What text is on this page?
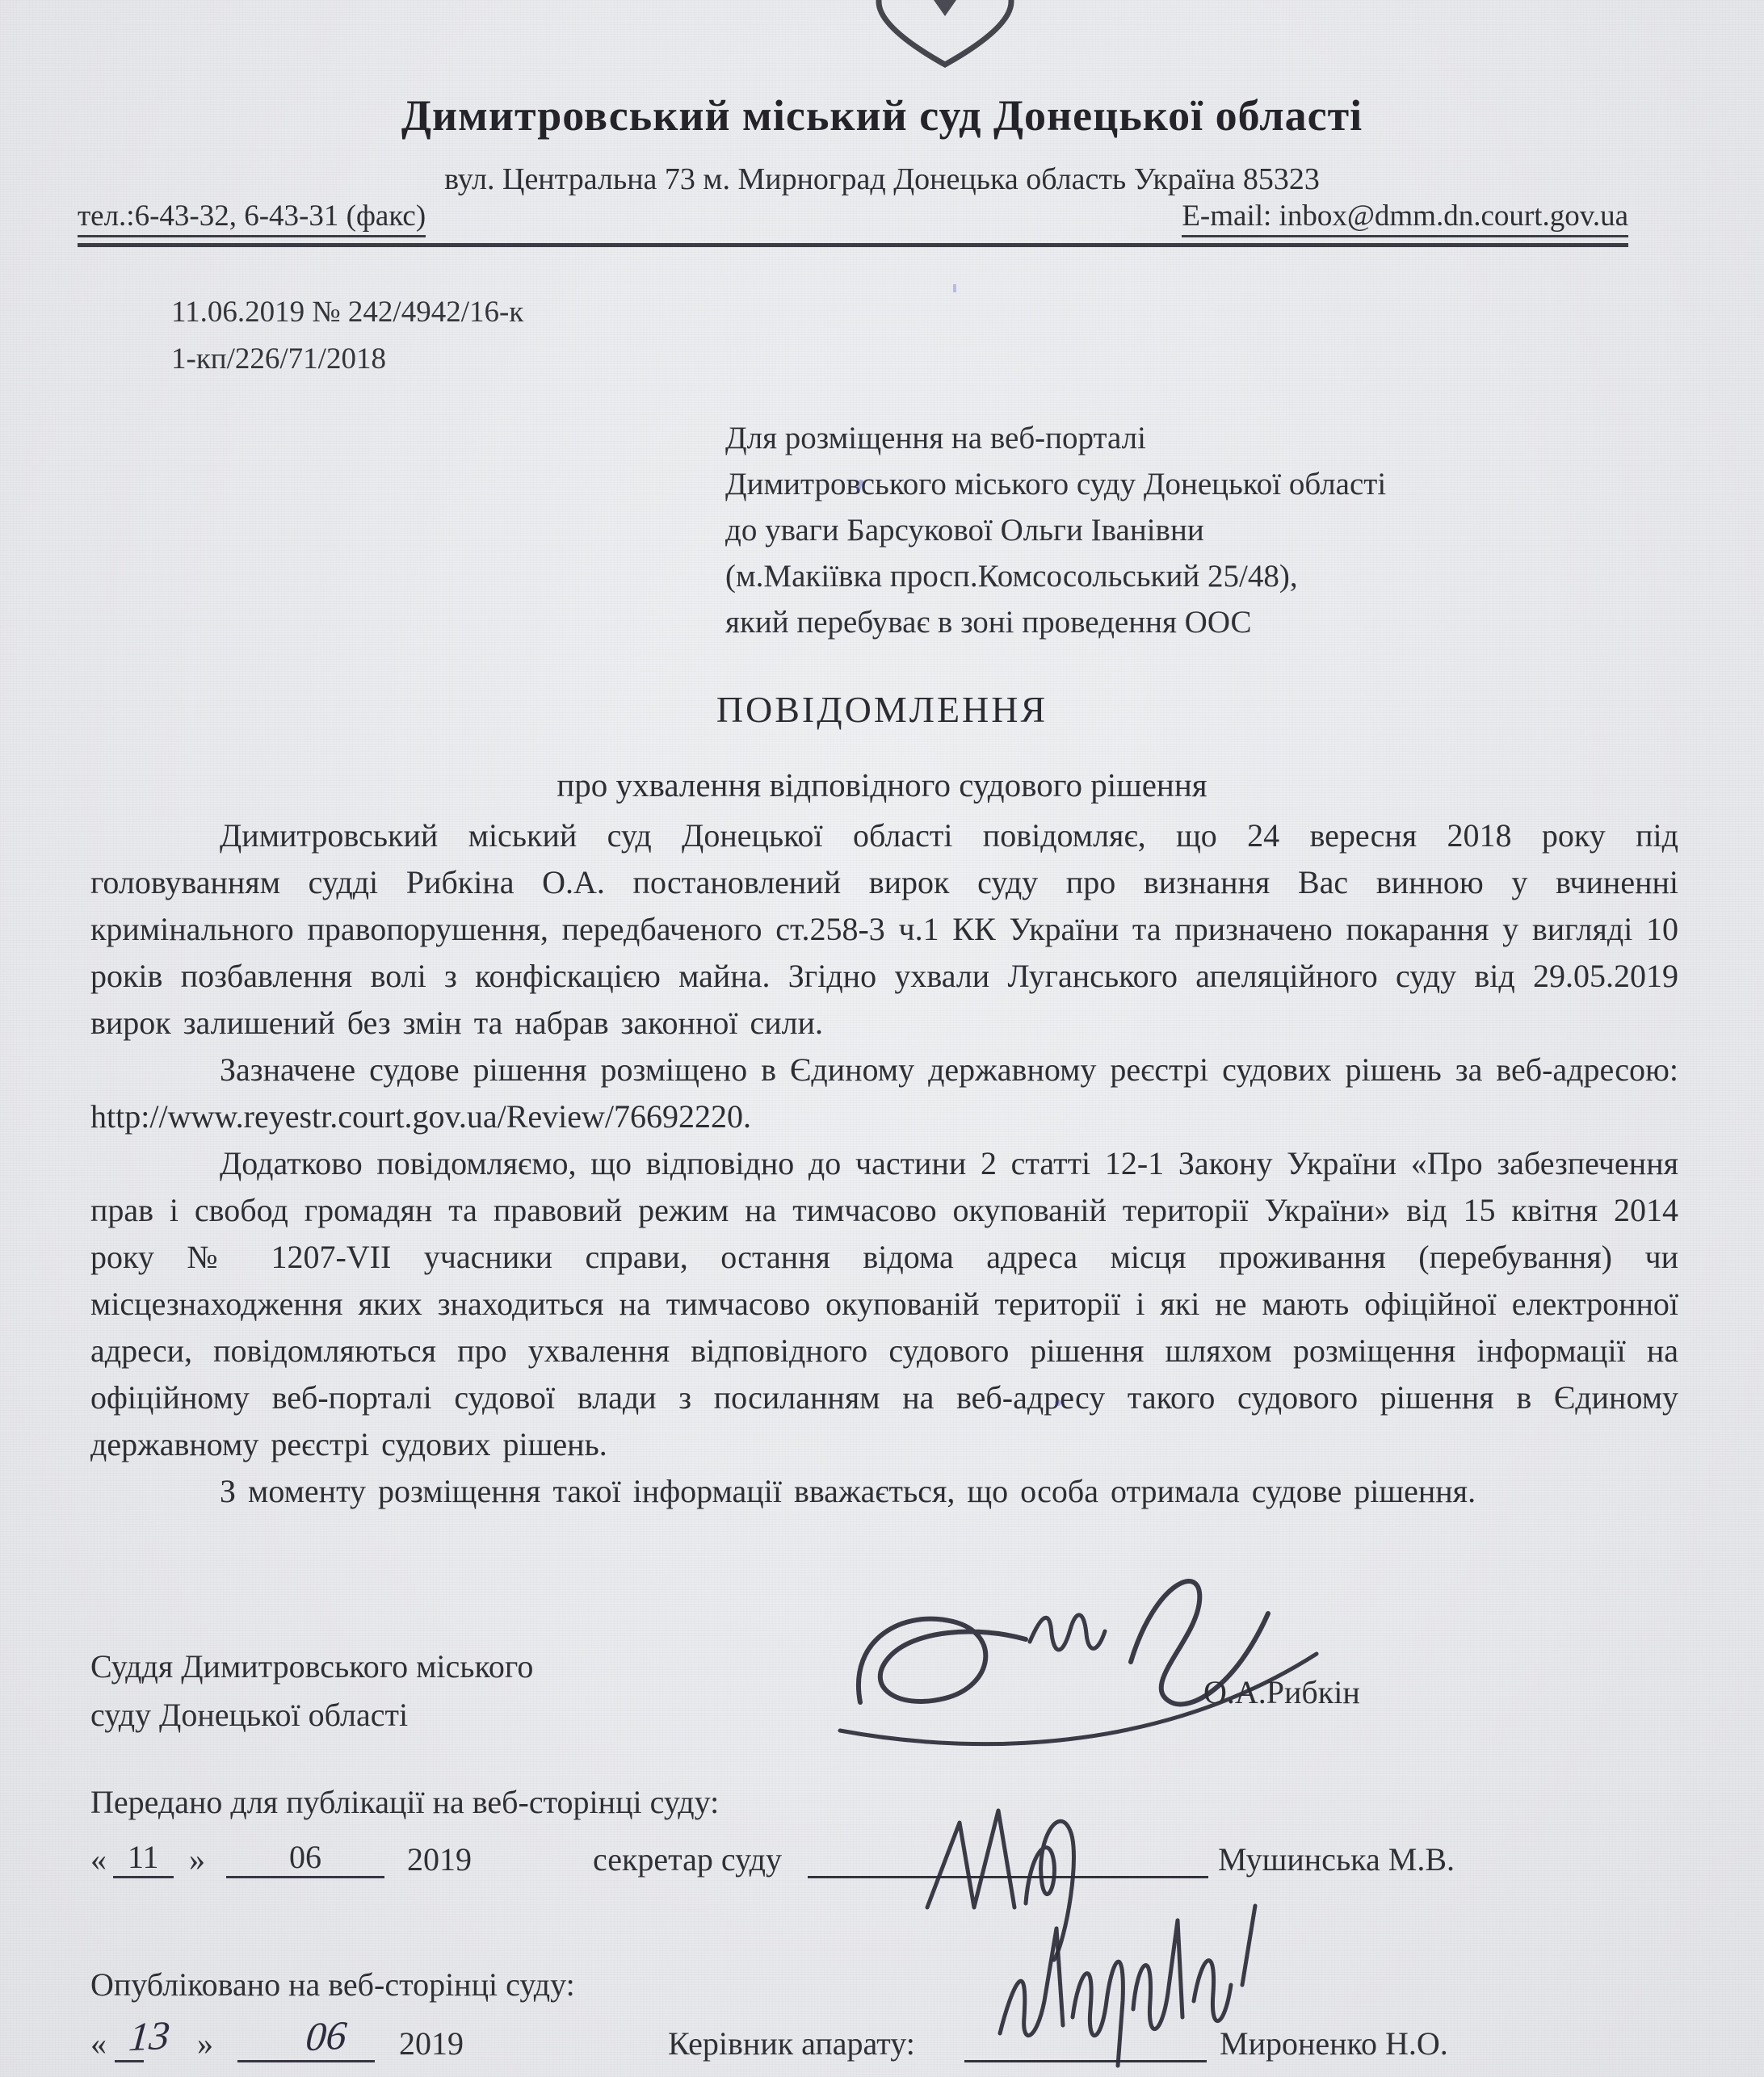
Димитровський міський суд Донецької області
вул. Центральна 73 м. Мирноград Донецька область Україна 85323
тел.:6-43-32, 6-43-31 (факс)	E-mail: inbox@dmm.dn.court.gov.ua
11.06.2019 № 242/4942/16-к
1-кп/226/71/2018
Для розміщення на веб-порталі
Димитровського міського суду Донецької області
до уваги Барсукової Ольги Іванівни
(м.Макіївка просп.Комсосольський 25/48),
який перебуває в зоні проведення ООС
ПОВІДОМЛЕННЯ
про ухвалення відповідного судового рішення

Димитровський міський суд Донецької області повідомляє, що 24 вересня 2018 року під головуванням судді Рибкіна О.А. постановлений вирок суду про визнання Вас винною у вчиненні кримінального правопорушення, передбаченого ст.258-3 ч.1 КК України та призначено покарання у вигляді 10 років позбавлення волі з конфіскацією майна. Згідно ухвали Луганського апеляційного суду від 29.05.2019 вирок залишений без змін та набрав законної сили.

Зазначене судове рішення розміщено в Єдиному державному реєстрі судових рішень за веб-адресою: http://www.reyestr.court.gov.ua/Review/76692220.

Додатково повідомляємо, що відповідно до частини 2 статті 12-1 Закону України «Про забезпечення прав і свобод громадян та правовий режим на тимчасово окупованій території України» від 15 квітня 2014 року № 1207-VII учасники справи, остання відома адреса місця проживання (перебування) чи місцезнаходження яких знаходиться на тимчасово окупованій території і які не мають офіційної електронної адреси, повідомляються про ухвалення відповідного судового рішення шляхом розміщення інформації на офіційному веб-порталі судової влади з посиланням на веб-адресу такого судового рішення в Єдиному державному реєстрі судових рішень.

З моменту розміщення такої інформації вважається, що особа отримала судове рішення.

Суддя Димитровського міського
суду Донецької області
О.А.Рибкін
Передано для публікації на веб-сторінці суду:
« 11 »	06	2019	секретар суду	Мушинська М.В.
Опубліковано на веб-сторінці суду:
« 13 » 06 2019	Керівник апарату:	Мироненко Н.О.
